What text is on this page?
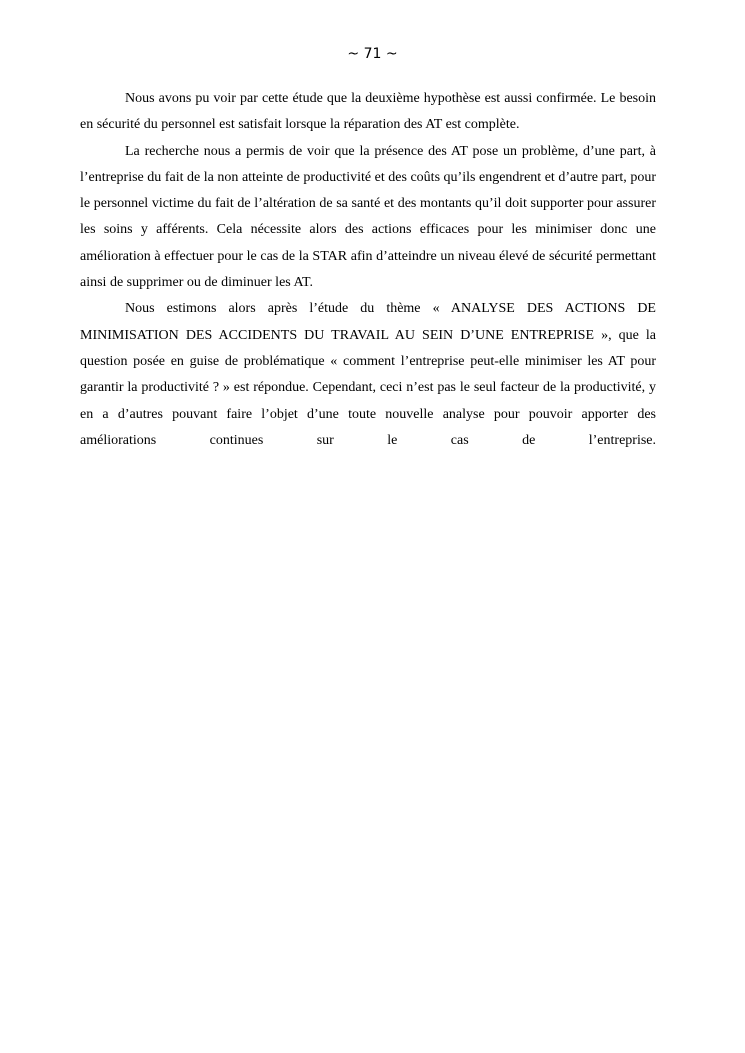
~ 71 ~

Nous avons pu voir par cette étude que la deuxième hypothèse est aussi confirmée. Le besoin en sécurité du personnel est satisfait lorsque la réparation des AT est complète.

La recherche nous a permis de voir que la présence des AT pose un problème, d’une part, à l’entreprise du fait de la non atteinte de productivité et des coûts qu’ils engendrent et d’autre part, pour le personnel victime du fait de l’altération de sa santé et des montants qu’il doit supporter pour assurer les soins y afférents. Cela nécessite alors des actions efficaces pour les minimiser donc une amélioration à effectuer pour le cas de la STAR afin d’atteindre un niveau élevé de sécurité permettant ainsi de supprimer ou de diminuer les AT.

Nous estimons alors après l’étude du thème « ANALYSE DES ACTIONS DE MINIMISATION DES ACCIDENTS DU TRAVAIL AU SEIN D’UNE ENTREPRISE », que la question posée en guise de problématique « comment l’entreprise peut-elle minimiser les AT pour garantir la productivité ? » est répondue. Cependant, ceci n’est pas le seul facteur de la productivité, y en a d’autres pouvant faire l’objet d’une toute nouvelle analyse pour pouvoir apporter des améliorations continues sur le cas de l’entreprise.
